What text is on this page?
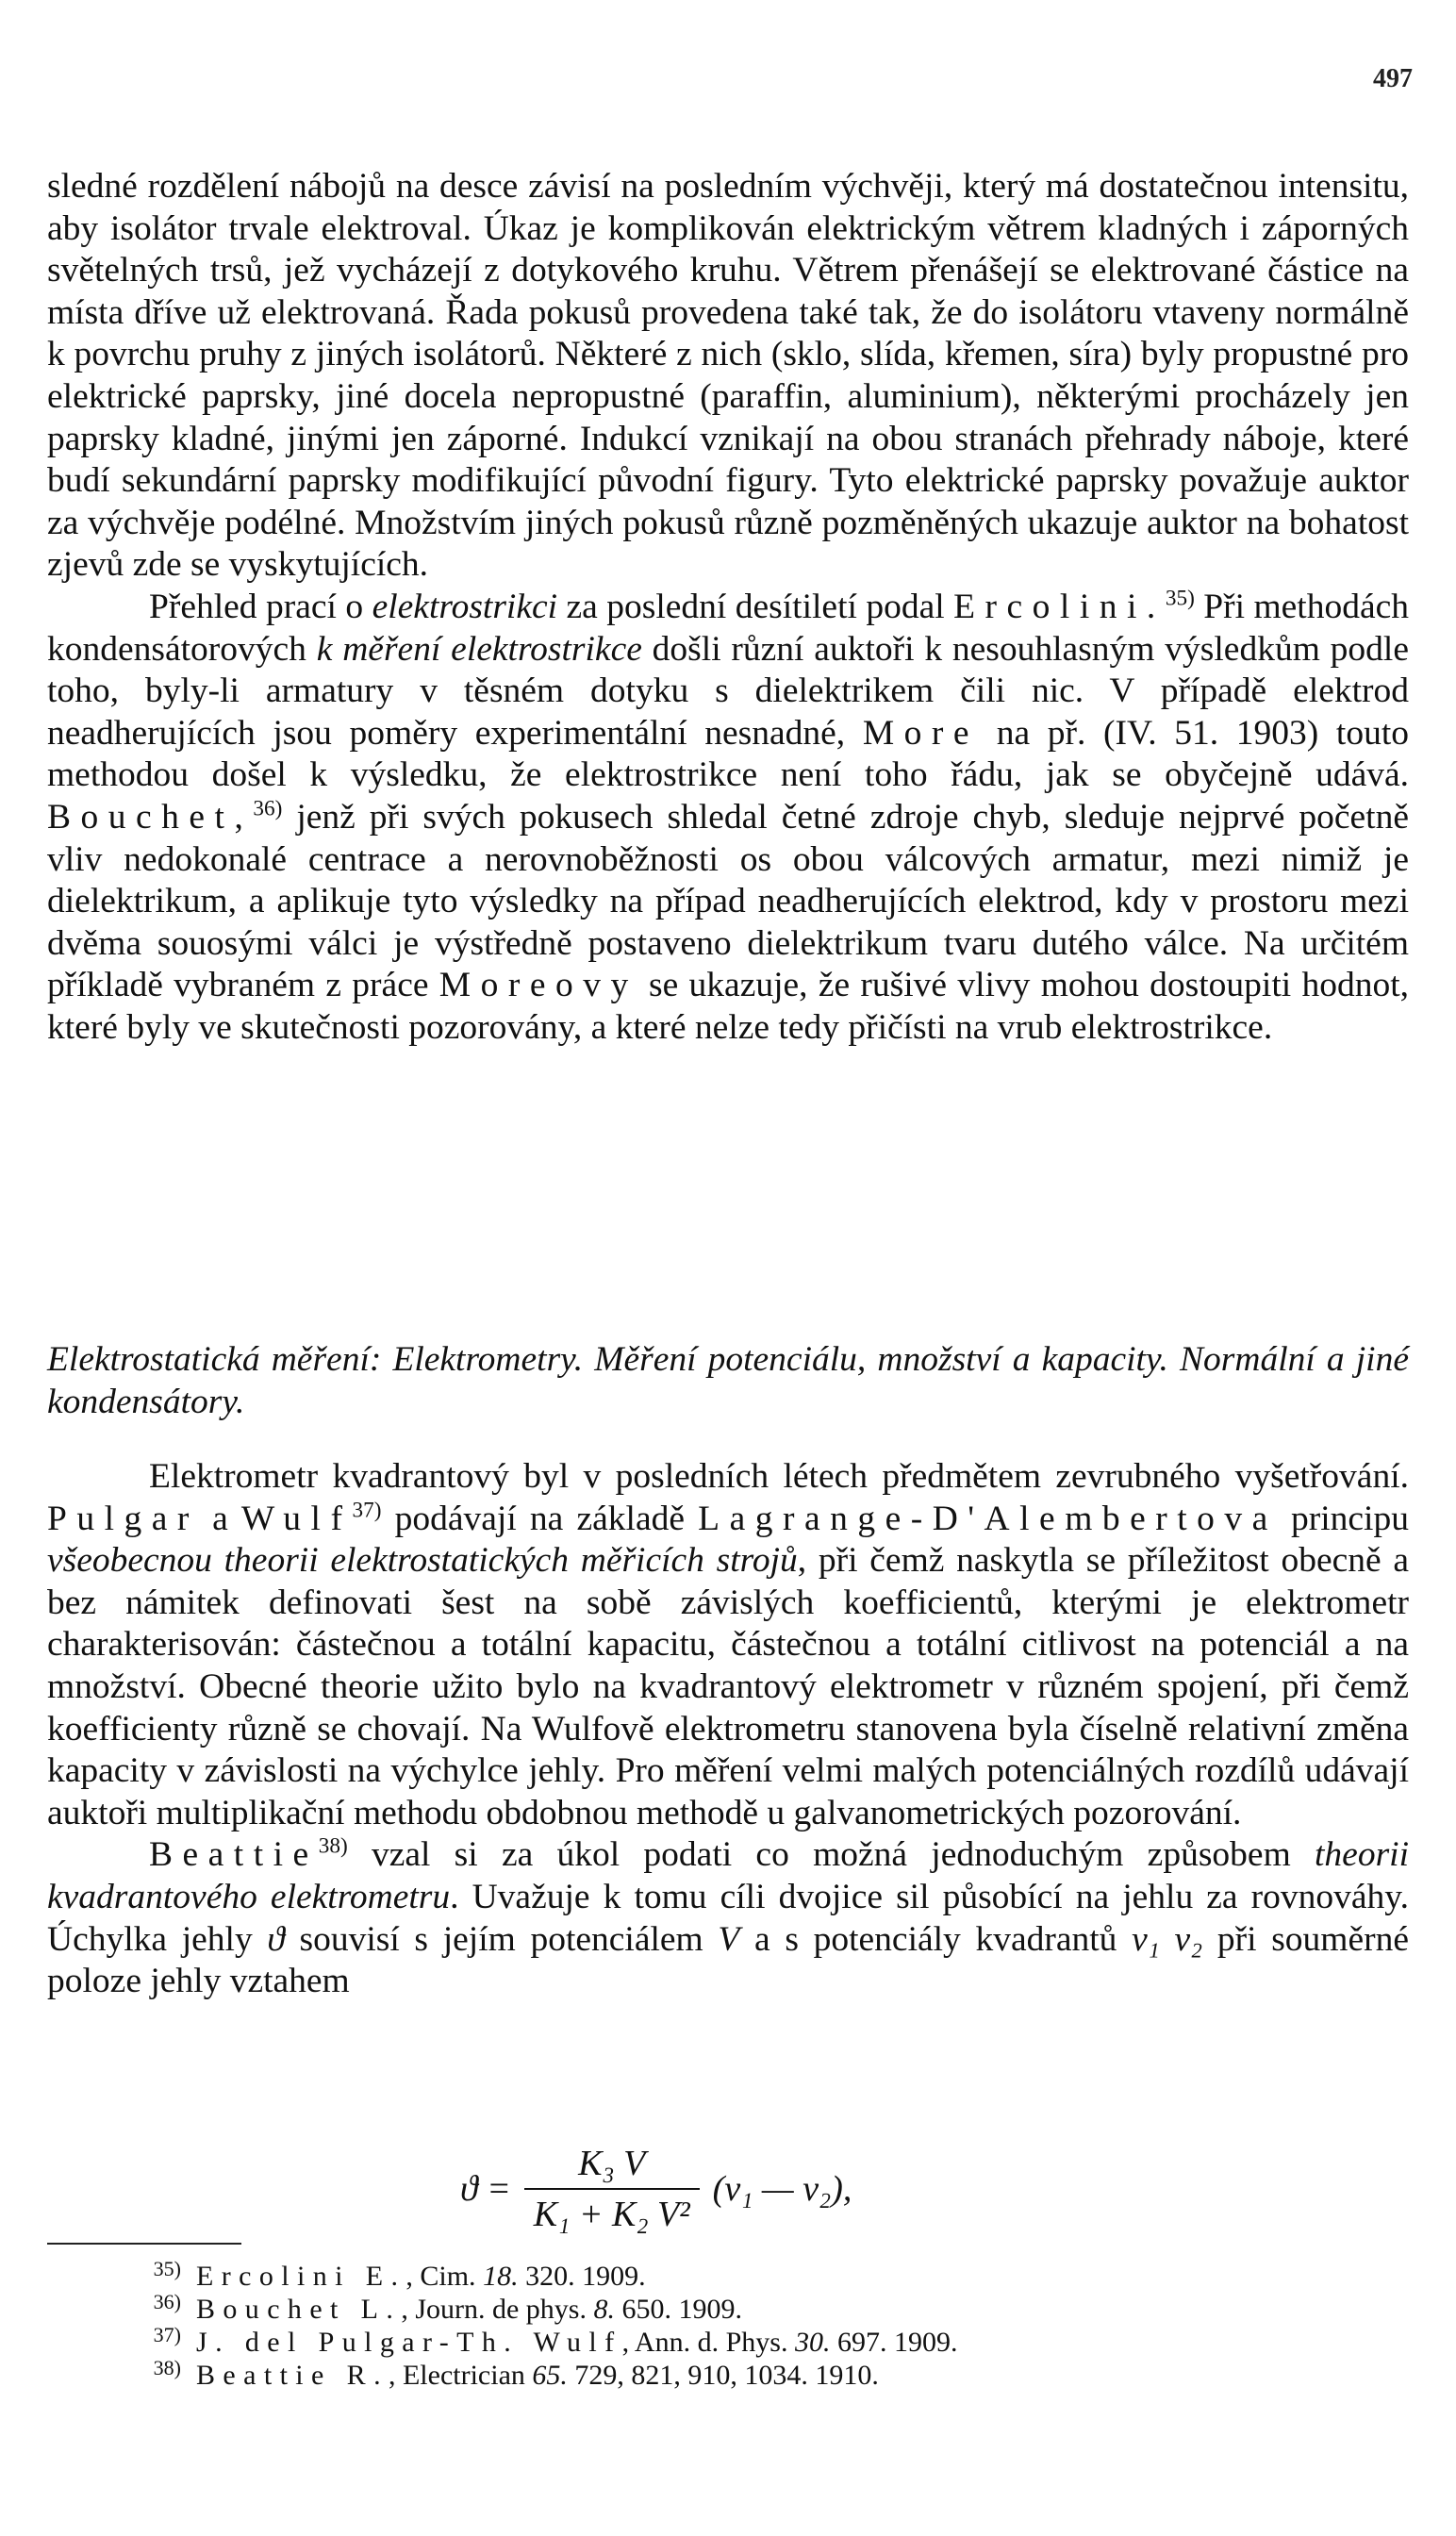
497

sledné rozdělení nábojů na desce závisí na posledním výchvěji, který má dostatečnou intensitu, aby isolátor trvale elektroval. Úkaz je komplikován elektrickým větrem kladných i záporných světelných trsů, jež vycházejí z dotykového kruhu. Větrem přenášejí se elektrované částice na místa dříve už elektrovaná. Řada pokusů provedena také tak, že do isolátoru vtaveny normálně k povrchu pruhy z jiných isolátorů. Některé z nich (sklo, slída, křemen, síra) byly propustné pro elektrické paprsky, jiné docela nepropustné (paraffin, aluminium), některými procházely jen paprsky kladné, jinými jen záporné. Indukcí vznikají na obou stranách přehrady náboje, které budí sekundární paprsky modifikující původní figury. Tyto elektrické paprsky považuje auktor za výchvěje podélné. Množstvím jiných pokusů různě pozměněných ukazuje auktor na bohatost zjevů zde se vyskytujících.

Přehled prací o elektrostrikci za poslední desítiletí podal Ercolini.$^{35)}$ Při methodách kondensátorových k měření elektrostrikce došli různí auktoři k nesouhlasným výsledkům podle toho, byly-li armatury v těsném dotyku s dielektrikem čili nic. V případě elektrod neadherujících jsou poměry experimentální nesnadné, More na př. (IV. 51. 1903) touto methodou došel k výsledku, že elektrostrikce není toho řádu, jak se obyčejně udává. Bouchet,$^{36)}$ jenž při svých pokusech shledal četné zdroje chyb, sleduje nejprvé početně vliv nedokonalé centrace a nerovnoběžnosti os obou válcových armatur, mezi nimiž je dielektrikum, a aplikuje tyto výsledky na případ neadherujících elektrod, kdy v prostoru mezi dvěma souosými válci je výstředně postaveno dielektrikum tvaru dutého válce. Na určitém příkladě vybraném z práce Moreovy se ukazuje, že rušivé vlivy mohou dostoupiti hodnot, které byly ve skutečnosti pozorovány, a které nelze tedy přičísti na vrub elektrostrikce.

Elektrostatická měření: Elektrometry. Měření potenciálu, množství a kapacity. Normální a jiné kondensátory.

Elektrometr kvadrantový byl v posledních létech předmětem zevrubného vyšetřování. Pulgar a Wulf$^{37)}$ podávají na základě Lagrange-D'Alembertova principu všeobecnou theorii elektrostatických měřicích strojů, při čemž naskytla se příležitost obecně a bez námitek definovati šest na sobě závislých koefficientů, kterými je elektrometr charakterisován: částečnou a totální kapacitu, částečnou a totální citlivost na potenciál a na množství. Obecné theorie užito bylo na kvadrantový elektrometr v různém spojení, při čemž koefficienty různě se chovají. Na Wulfově elektrometru stanovena byla číselně relativní změna kapacity v závislosti na výchylce jehly. Pro měření velmi malých potenciálných rozdílů udávají auktoři multiplikační methodu obdobnou methodě u galvanometrických pozorování.

Beattie$^{38)}$ vzal si za úkol podati co možná jednoduchým způsobem theorii kvadrantového elektrometru. Uvažuje k tomu cíli dvojice sil působící na jehlu za rovnováhy. Úchylka jehly ϑ souvisí s jejím potenciálem V a s potenciály kvadrantů v₁ v₂ při souměrné poloze jehly vztahem

$ϑ = \frac{\text{K₃ V}}{\text{K₁ + K₂ V²}} (v_1$ — v₂),
35) Ercolini E., Cim. 18. 320. 1909.
36) Bouchet L., Journ. de phys. 8. 650. 1909.
37) J. del Pulgar-Th. Wulf, Ann. d. Phys. 30. 697. 1909.
38) Beattie R., Electrician 65. 729, 821, 910, 1034. 1910.
